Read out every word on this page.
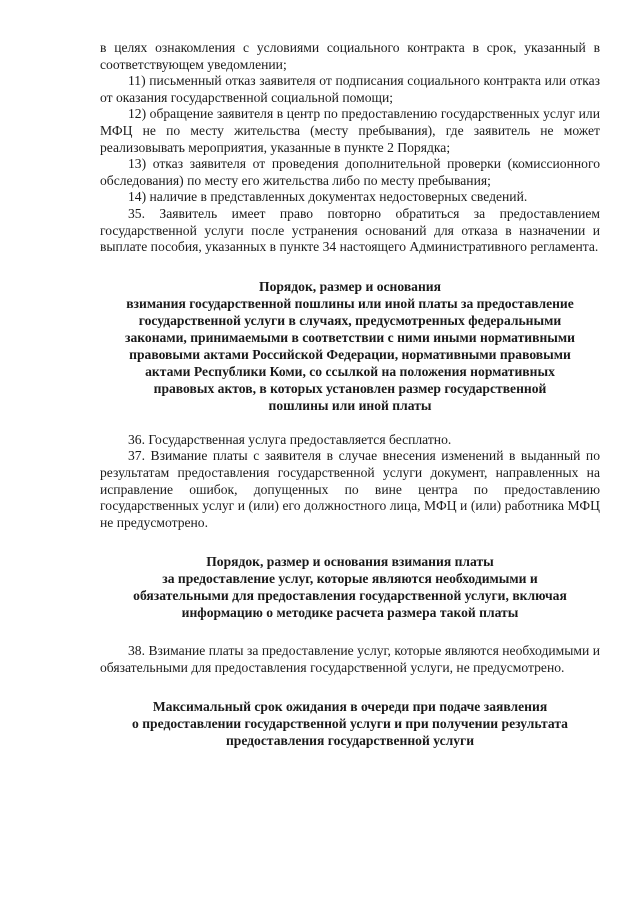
в целях ознакомления с условиями социального контракта в срок, указанный в соответствующем уведомлении;

11) письменный отказ заявителя от подписания социального контракта или отказ от оказания государственной социальной помощи;

12) обращение заявителя в центр по предоставлению государственных услуг или МФЦ не по месту жительства (месту пребывания), где заявитель не может реализовывать мероприятия, указанные в пункте 2 Порядка;

13) отказ заявителя от проведения дополнительной проверки (комиссионного обследования) по месту его жительства либо по месту пребывания;

14) наличие в представленных документах недостоверных сведений.

35. Заявитель имеет право повторно обратиться за предоставлением государственной услуги после устранения оснований для отказа в назначении и выплате пособия, указанных в пункте 34 настоящего Административного регламента.

Порядок, размер и основания

взимания государственной пошлины или иной платы за предоставление

государственной услуги в случаях, предусмотренных федеральными

законами, принимаемыми в соответствии с ними иными нормативными

правовыми актами Российской Федерации, нормативными правовыми

актами Республики Коми, со ссылкой на положения нормативных

правовых актов, в которых установлен размер государственной

пошлины или иной платы

36. Государственная услуга предоставляется бесплатно.

37. Взимание платы с заявителя в случае внесения изменений в выданный по результатам предоставления государственной услуги документ, направленных на исправление ошибок, допущенных по вине центра по предоставлению государственных услуг и (или) его должностного лица, МФЦ и (или) работника МФЦ не предусмотрено.

Порядок, размер и основания взимания платы

за предоставление услуг, которые являются необходимыми и

обязательными для предоставления государственной услуги, включая

информацию о методике расчета размера такой платы

38. Взимание платы за предоставление услуг, которые являются необходимыми и обязательными для предоставления государственной услуги, не предусмотрено.

Максимальный срок ожидания в очереди при подаче заявления

о предоставлении государственной услуги и при получении результата

предоставления государственной услуги
